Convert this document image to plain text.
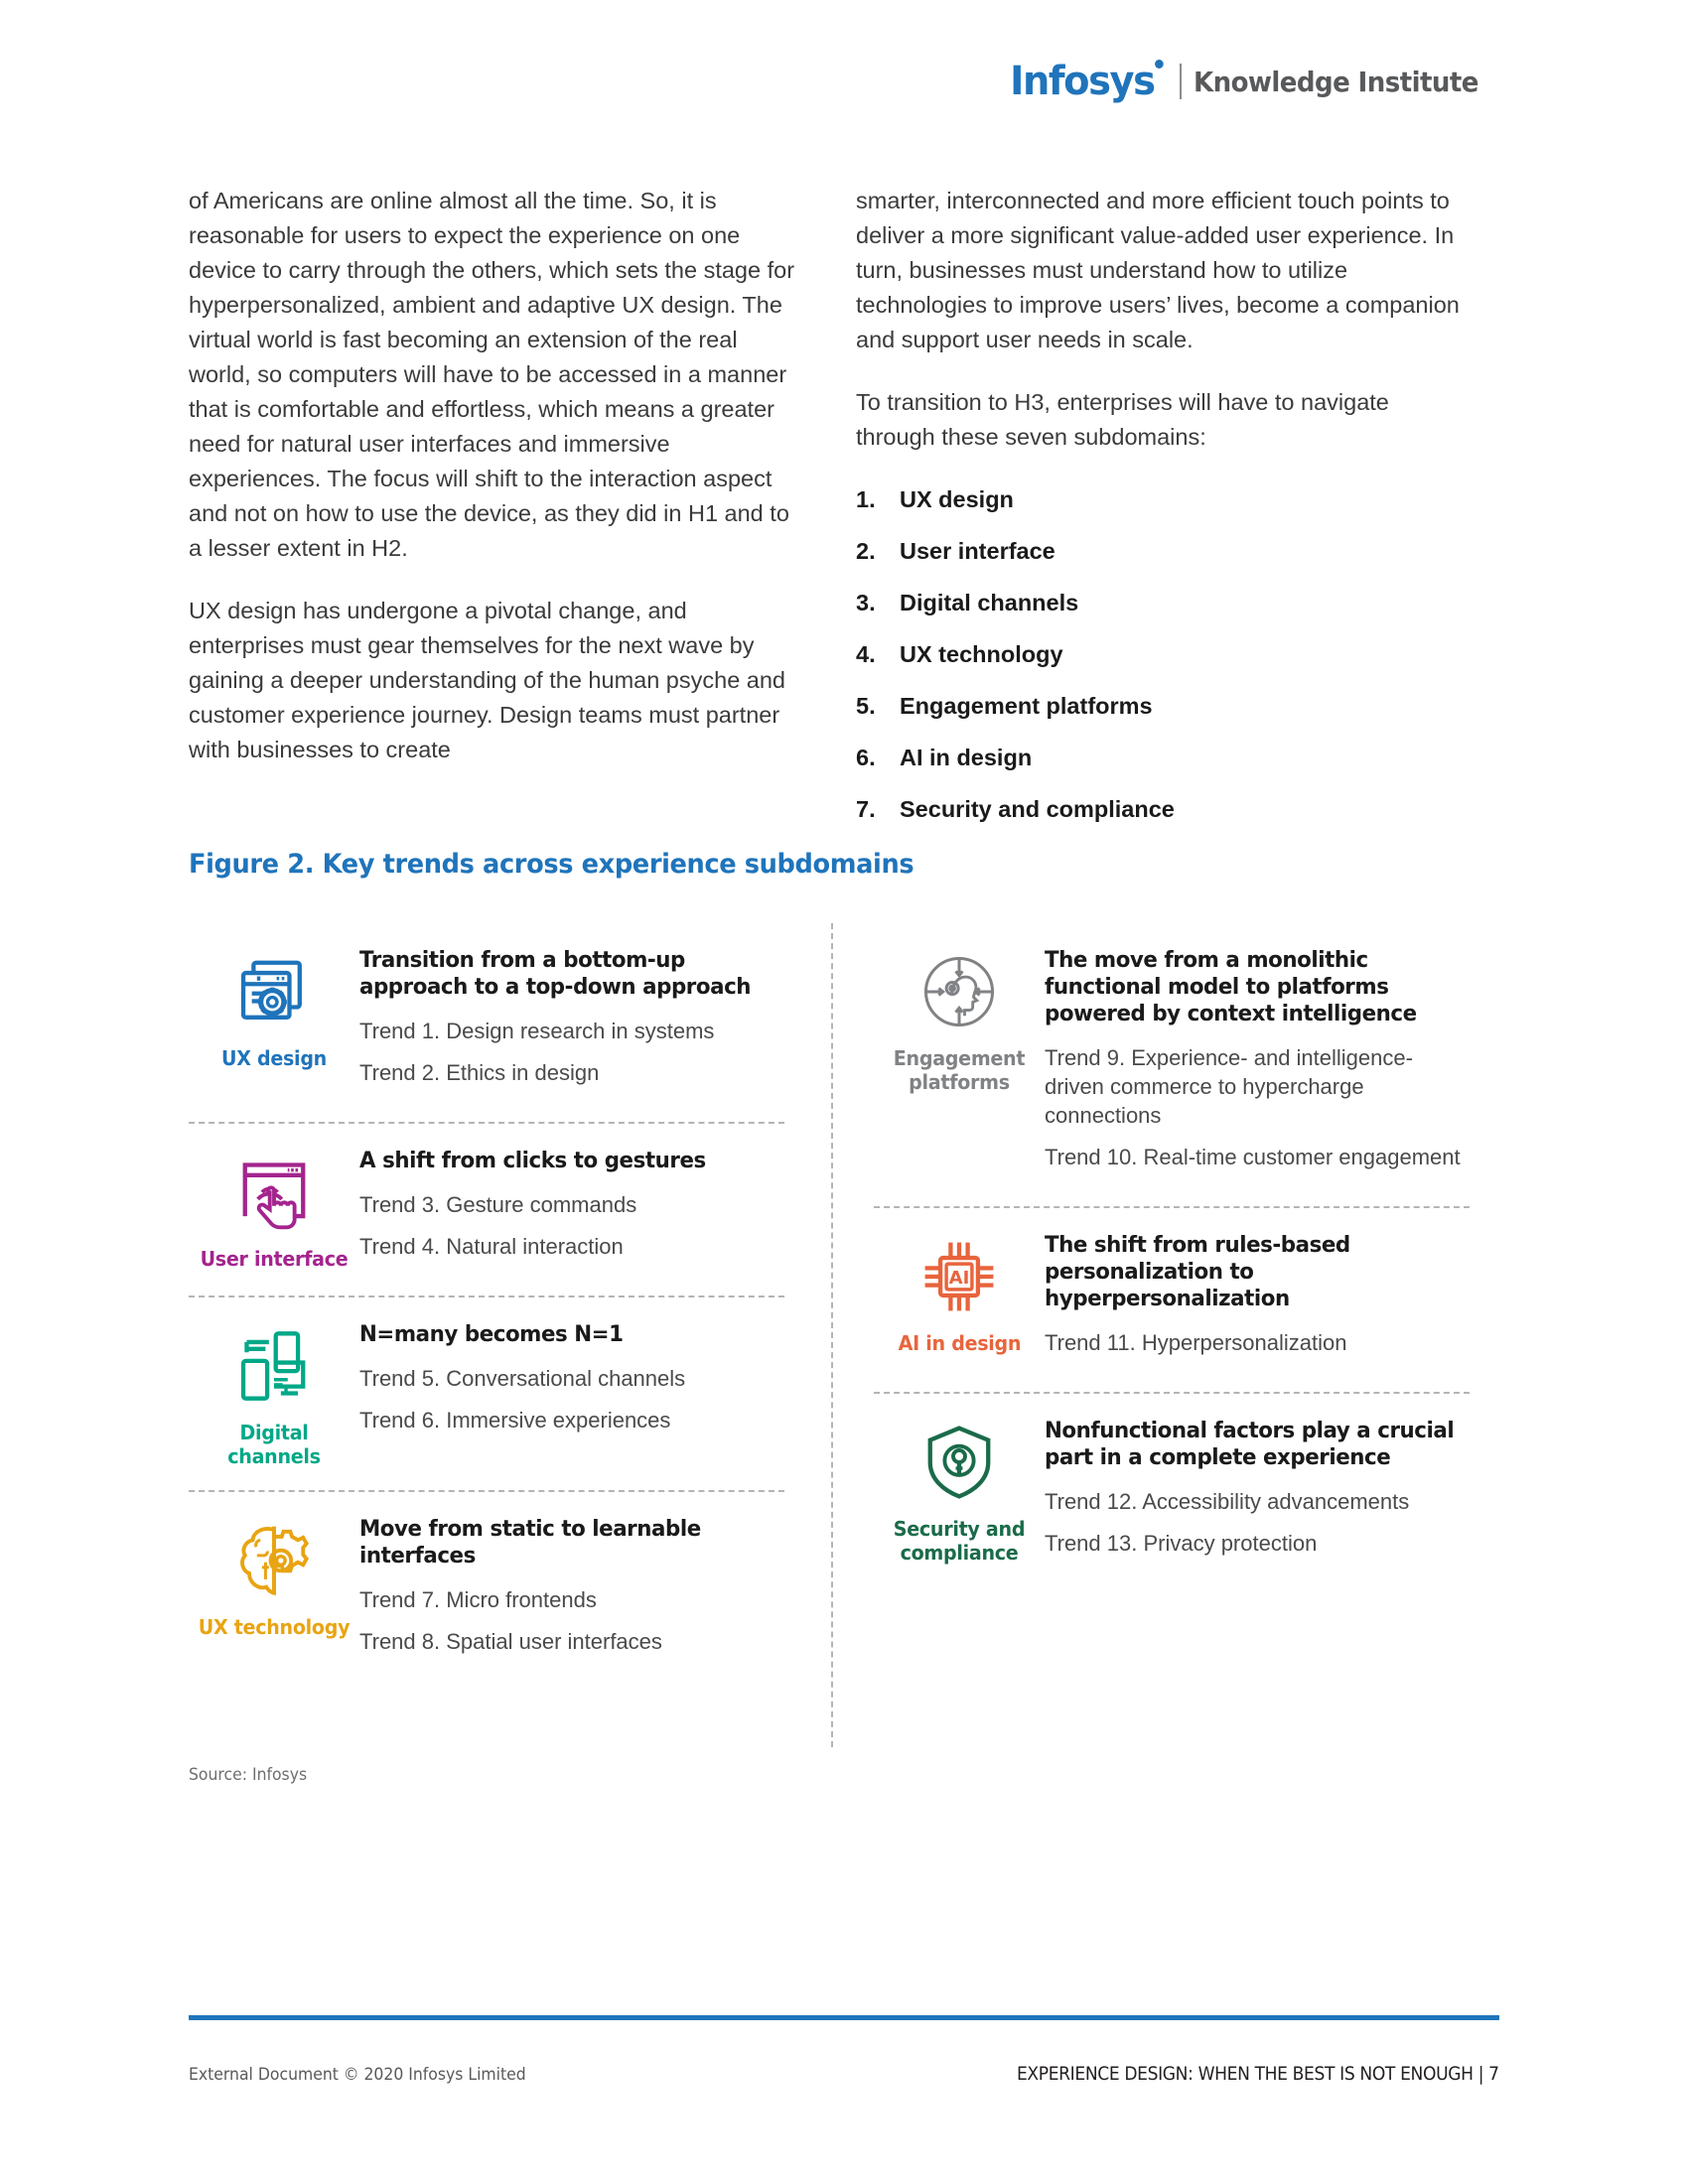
Infosys Knowledge Institute

of Americans are online almost all the time. So, it is reasonable for users to expect the experience on one device to carry through the others, which sets the stage for hyperpersonalized, ambient and adaptive UX design. The virtual world is fast becoming an extension of the real world, so computers will have to be accessed in a manner that is comfortable and effortless, which means a greater need for natural user interfaces and immersive experiences. The focus will shift to the interaction aspect and not on how to use the device, as they did in H1 and to a lesser extent in H2.

UX design has undergone a pivotal change, and enterprises must gear themselves for the next wave by gaining a deeper understanding of the human psyche and customer experience journey. Design teams must partner with businesses to create

smarter, interconnected and more efficient touch points to deliver a more significant value-added user experience. In turn, businesses must understand how to utilize technologies to improve users’ lives, become a companion and support user needs in scale.

To transition to H3, enterprises will have to navigate through these seven subdomains:

1.	UX design
2.	User interface
3.	Digital channels
4.	UX technology
5.	Engagement platforms
6.	AI in design
7.	Security and compliance
Figure 2. Key trends across experience subdomains
UX design
Transition from a bottom-up approach to a top-down approach
Trend 1. Design research in systems
Trend 2. Ethics in design
User interface
A shift from clicks to gestures
Trend 3. Gesture commands
Trend 4. Natural interaction
Digital channels
N=many becomes N=1
Trend 5. Conversational channels
Trend 6. Immersive experiences
UX technology
Move from static to learnable interfaces
Trend 7. Micro frontends
Trend 8. Spatial user interfaces
Engagement platforms
The move from a monolithic functional model to platforms powered by context intelligence
Trend 9. Experience- and intelligence-driven commerce to hypercharge connections
Trend 10. Real-time customer engagement
AI
AI in design
The shift from rules-based personalization to hyperpersonalization
Trend 11. Hyperpersonalization
Security and compliance
Nonfunctional factors play a crucial part in a complete experience
Trend 12. Accessibility advancements
Trend 13. Privacy protection
Source: Infosys
External Document © 2020 Infosys Limited	EXPERIENCE DESIGN: WHEN THE BEST IS NOT ENOUGH | 7
